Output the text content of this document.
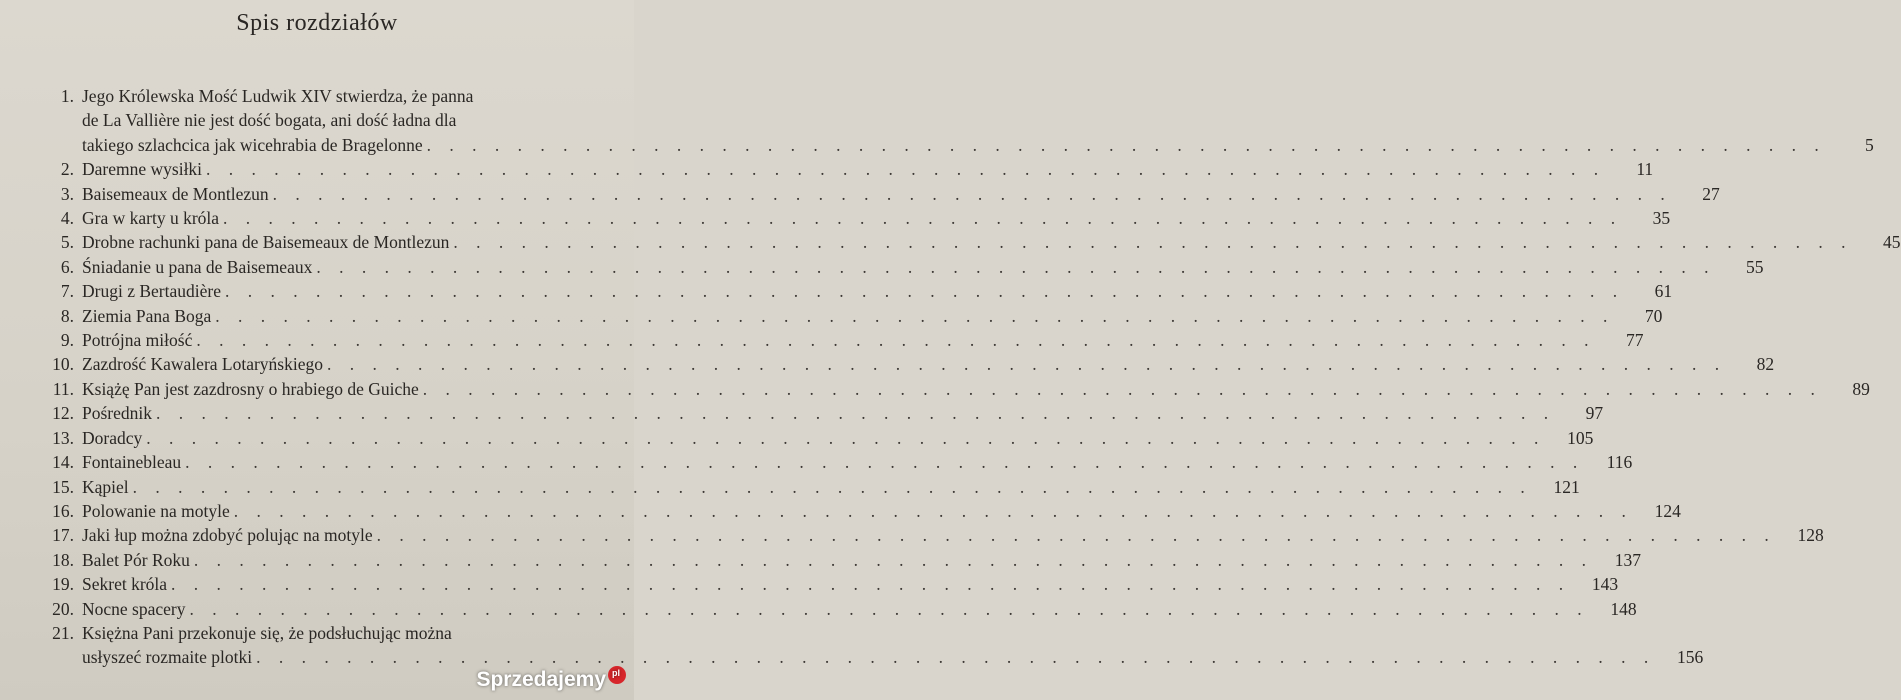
Spis rozdziałów
1. Jego Królewska Mość Ludwik XIV stwierdza, że panna
de La Vallière nie jest dość bogata, ani dość ładna dla
takiego szlachcica jak wicehrabia de Bragelonne . . .	5
2. Daremne wysiłki . . .	11
3. Baisemeaux de Montlezun . . .	27
4. Gra w karty u króla . . .	35
5. Drobne rachunki pana de Baisemeaux de Montlezun . . .	45
6. Śniadanie u pana de Baisemeaux . . .	55
7. Drugi z Bertaudière . . .	61
8. Ziemia Pana Boga . . .	70
9. Potrójna miłość . . .	77
10. Zazdrość Kawalera Lotaryńskiego . . .	82
11. Książę Pan jest zazdrosny o hrabiego de Guiche . . .	89
12. Pośrednik . . .	97
13. Doradcy . . .	105
14. Fontainebleau . . .	116
15. Kąpiel . . .	121
16. Polowanie na motyle . . .	124
17. Jaki łup można zdobyć polując na motyle . . .	128
18. Balet Pór Roku . . .	137
19. Sekret króla . . .	143
20. Nocne spacery . . .	148
21. Księżna Pani przekonuje się, że podsłuchując można
usłyszeć rozmaite plotki . . .	156
Sprzedajemy pl
